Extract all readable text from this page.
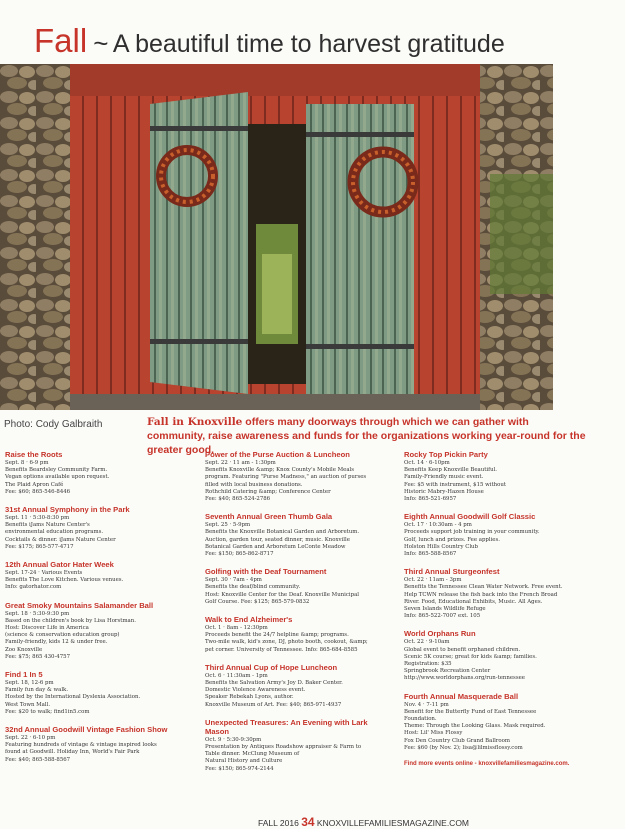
Fall ~ A beautiful time to harvest gratitude
Photo: Cody Galbraith	Fall in Knoxville offers many doorways through which we can gather with community, raise awareness and funds for the organizations working year-round for the greater good.
Raise the Roots
Sept. 8 · 6-9 pm
Benefits Beardsley Community Farm.
Vegan options available upon request.
The Plaid Apron Café
Fee: $60; 865-546-8446
31st Annual Symphony in the Park
Sept. 11 · 5:30-8:30 pm
Benefits iJams Nature Center's
environmental education programs.
Cocktails & dinner. iJams Nature Center
Fee: $175; 865-577-4717
12th Annual Gator Hater Week
Sept. 17-24 · Various Events
Benefits The Love Kitchen. Various venues.
Info: gatorhator.com
Great Smoky Mountains Salamander Ball
Sept. 18 · 5:30-9:30 pm
Based on the children's book by Lisa Horstman.
Host: Discover Life in America
(science & conservation education group)
Family-friendly, kids 12 & under free.
Zoo Knoxville
Fee: $75; 865 430-4757
Find 1 In 5
Sept. 18, 12-6 pm
Family fun day & walk.
Hosted by the International Dyslexia Association.
West Town Mall.
Fee: $20 to walk; find1in5.com
32nd Annual Goodwill Vintage Fashion Show
Sept. 22 · 6-10 pm
Featuring hundreds of vintage & vintage inspired looks
found at Goodwill. Holiday Inn, World's Fair Park
Fee: $40; 865-588-8567
Power of the Purse Auction & Luncheon
Sept. 22 · 11 am - 1:30pm
Benefits Knoxville &amp; Knox County's Mobile Meals
program. Featuring "Purse Madness," an auction of purses
filled with local business donations.
Rothchild Catering &amp; Conference Center
Fee: $40; 865-524-2786
Seventh Annual Green Thumb Gala
Sept. 25 · 5-9pm
Benefits the Knoxville Botanical Garden and Arboretum.
Auction, garden tour, seated dinner, music. Knoxville
Botanical Garden and Arboretum LeConte Meadow
Fee: $150; 865-862-8717
Golfing with the Deaf Tournament
Sept. 30 · 7am - 4pm
Benefits the deaf/blind community.
Host: Knoxville Center for the Deaf. Knoxville Municipal
Golf Course. Fee: $125; 865-579-0832
Walk to End Alzheimer's
Oct. 1 · 8am - 12:30pm
Proceeds benefit the 24/7 helpline &amp; programs.
Two-mile walk, kid's zone, DJ, photo booth, cookout, &amp;
pet corner. University of Tennessee. Info: 865-684-8585
Third Annual Cup of Hope Luncheon
Oct. 6 · 11:30am - 1pm
Benefits the Salvation Army's Joy D. Baker Center.
Domestic Violence Awareness event.
Speaker Rebekah Lyons, author.
Knoxville Museum of Art. Fee: $40; 865-971-4937
Unexpected Treasures: An Evening with Lark Mason
Oct. 9 · 5:30-9:30pm
Presentation by Antiques Roadshow appraiser & Farm to
Table dinner. McClung Museum of
Natural History and Culture
Fee: $150; 865-974-2144
Rocky Top Pickin Party
Oct. 14 · 6-10pm
Benefits Keep Knoxville Beautiful.
Family-Friendly music event.
Fee: $5 with instrument, $15 without
Historic Mabry-Hazen House
Info: 865-521-6957
Eighth Annual Goodwill Golf Classic
Oct. 17 · 10:30am - 4 pm
Proceeds support job training in your community.
Golf, lunch and prizes. Fee applies.
Holston Hills Country Club
Info: 865-588-8567
Third Annual Sturgeonfest
Oct. 22 · 11am - 3pm
Benefits the Tennessee Clean Water Network. Free event.
Help TCWN release the fish back into the French Broad
River. Food, Educational Exhibits, Music. All Ages.
Seven Islands Wildlife Refuge
Info: 865-522-7007 ext. 105
World Orphans Run
Oct. 22 · 9-10am
Global event to benefit orphaned children.
Scenic 5K course; great for kids &amp; families.
Registration: $35
Springbrook Recreation Center
http://www.worldorphans.org/run-tennessee
Fourth Annual Masquerade Ball
Nov. 4 · 7-11 pm
Benefit for the Butterfly Fund of East Tennessee
Foundation.
Theme: Through the Looking Glass. Mask required.
Host: Lil' Miss Flossy
Fox Den Country Club Grand Ballroom
Fee: $60 (by Nov. 2); lisa@lilmissflossy.com
Find more events online - knoxvillefamiliesmagazine.com.
FALL 2016 34 KNOXVILLEFAMILIESMAGAZINE.COM
